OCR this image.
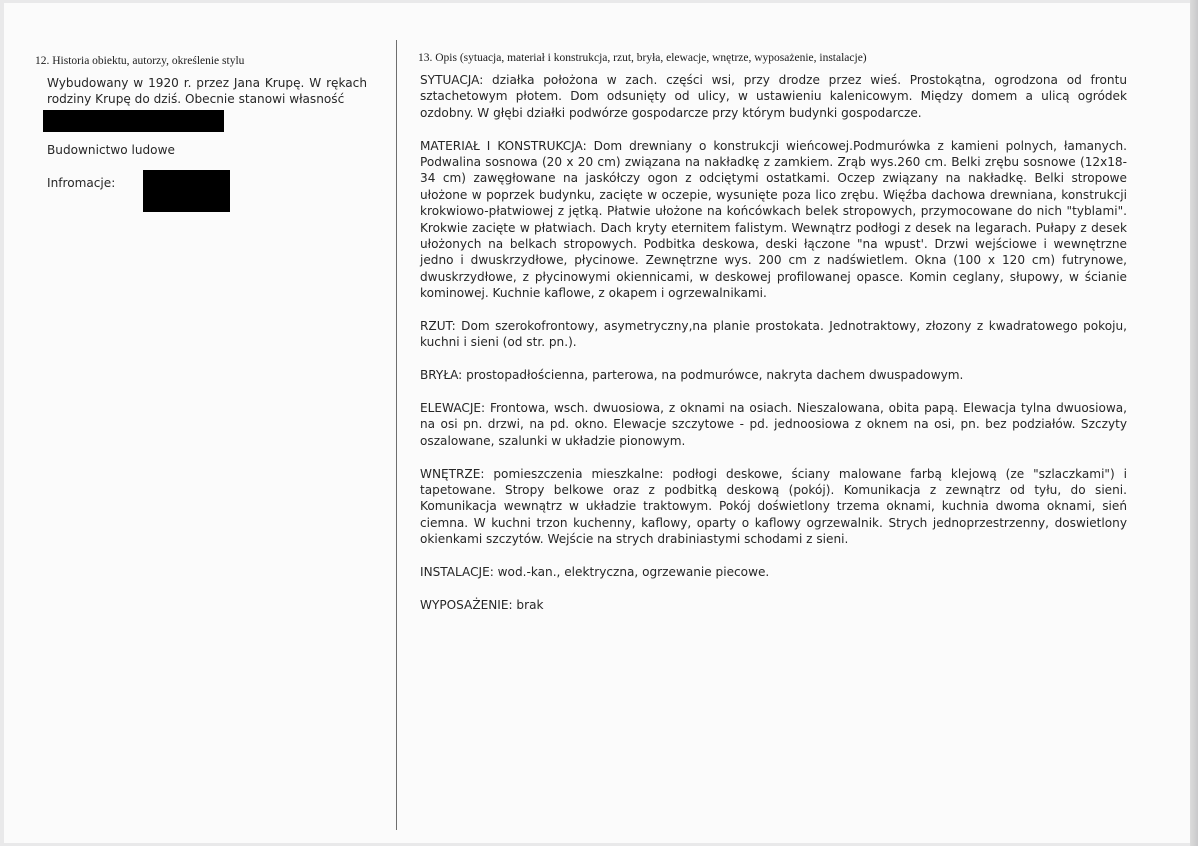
12. Historia obiektu, autorzy, określenie stylu
Wybudowany w 1920 r. przez Jana Krupę. W rękach rodziny Krupę do dziś. Obecnie stanowi własność
Budownictwo ludowe
Infromacje:
13. Opis (sytuacja, materiał i konstrukcja, rzut, bryła, elewacje, wnętrze, wyposażenie, instalacje)

SYTUACJA: działka położona w zach. części wsi, przy drodze przez wieś. Prostokątna, ogrodzona od frontu sztachetowym płotem. Dom odsunięty od ulicy, w ustawieniu kalenicowym. Między domem a ulicą ogródek ozdobny. W głębi działki podwórze gospodarcze przy którym budynki gospodarcze.

MATERIAŁ I KONSTRUKCJA: Dom drewniany o konstrukcji wieńcowej.Podmurówka z kamieni polnych, łamanych. Podwalina sosnowa (20 x 20 cm) związana na nakładkę z zamkiem. Zrąb wys.260 cm. Belki zrębu sosnowe (12x18-34 cm) zawęgłowane na jaskółczy ogon z odciętymi ostatkami. Oczep związany na nakładkę. Belki stropowe ułożone w poprzek budynku, zacięte w oczepie, wysunięte poza lico zrębu. Więźba dachowa drewniana, konstrukcji krokwiowo-płatwiowej z jętką. Płatwie ułożone na końcówkach belek stropowych, przymocowane do nich "tyblami". Krokwie zacięte w płatwiach. Dach kryty eternitem falistym. Wewnątrz podłogi z desek na legarach. Pułapy z desek ułożonych na belkach stropowych. Podbitka deskowa, deski łączone "na wpust'. Drzwi wejściowe i wewnętrzne jedno i dwuskrzydłowe, płycinowe. Zewnętrzne wys. 200 cm z nadświetlem. Okna (100 x 120 cm) futrynowe, dwuskrzydłowe, z płycinowymi okiennicami, w deskowej profilowanej opasce. Komin ceglany, słupowy, w ścianie kominowej. Kuchnie kaflowe, z okapem i ogrzewalnikami.

RZUT: Dom szerokofrontowy, asymetryczny,na planie prostokata. Jednotraktowy, złozony z kwadratowego pokoju, kuchni i sieni (od str. pn.).

BRYŁA: prostopadłościenna, parterowa, na podmurówce, nakryta dachem dwuspadowym.

ELEWACJE: Frontowa, wsch. dwuosiowa, z oknami na osiach. Nieszalowana, obita papą. Elewacja tylna dwuosiowa, na osi pn. drzwi, na pd. okno. Elewacje szczytowe - pd. jednoosiowa z oknem na osi, pn. bez podziałów. Szczyty oszalowane, szalunki w układzie pionowym.

WNĘTRZE: pomieszczenia mieszkalne: podłogi deskowe, ściany malowane farbą klejową (ze "szlaczkami") i tapetowane. Stropy belkowe oraz z podbitką deskową (pokój). Komunikacja z zewnątrz od tyłu, do sieni. Komunikacja wewnątrz w układzie traktowym. Pokój doświetlony trzema oknami, kuchnia dwoma oknami, sień ciemna. W kuchni trzon kuchenny, kaflowy, oparty o kaflowy ogrzewalnik. Strych jednoprzestrzenny, doswietlony okienkami szczytów. Wejście na strych drabiniastymi schodami z sieni.

INSTALACJE: wod.-kan., elektryczna, ogrzewanie piecowe.

WYPOSAŻENIE: brak
